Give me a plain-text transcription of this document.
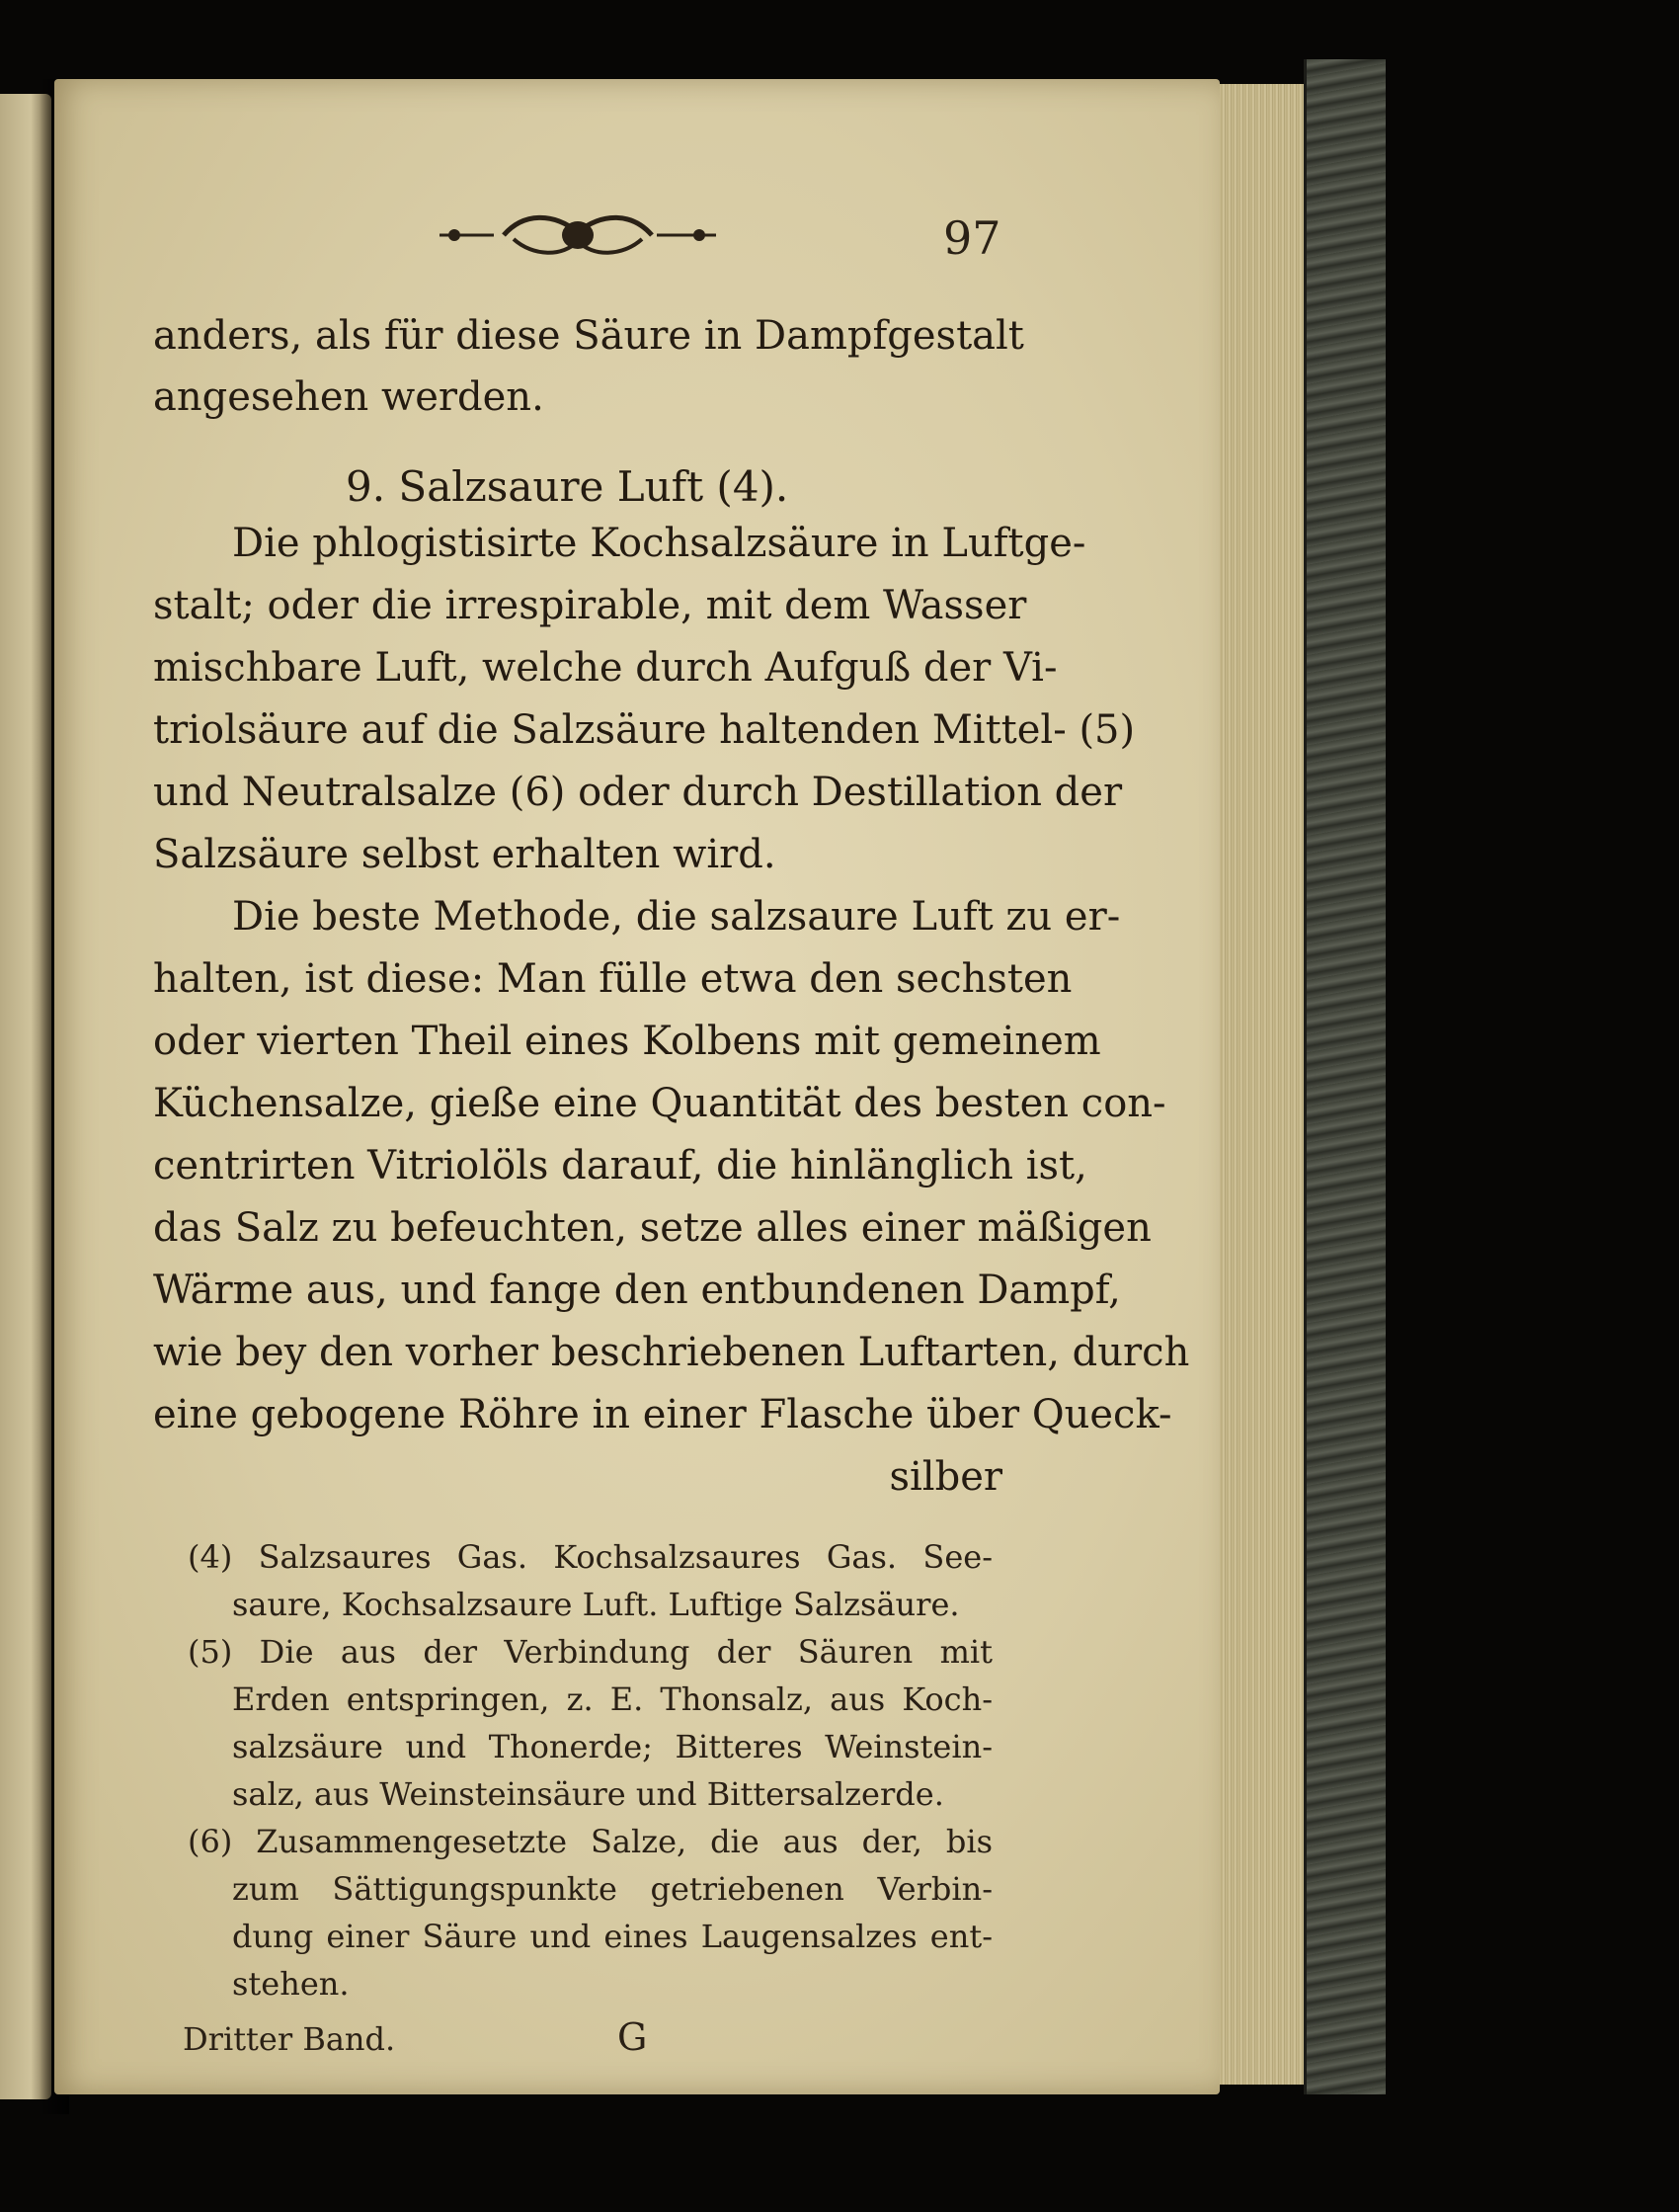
97
anders, als für diese Säure in Dampfgestalt
angesehen werden.
9. Salzsaure Luft (4).
Die phlogistisirte Kochsalzsäure in Luftge-
stalt; oder die irrespirable, mit dem Wasser
mischbare Luft, welche durch Aufguß der Vi-
triolsäure auf die Salzsäure haltenden Mittel- (5)
und Neutralsalze (6) oder durch Destillation der
Salzsäure selbst erhalten wird.
Die beste Methode, die salzsaure Luft zu er-
halten, ist diese: Man fülle etwa den sechsten
oder vierten Theil eines Kolbens mit gemeinem
Küchensalze, gieße eine Quantität des besten con-
centrirten Vitriolöls darauf, die hinlänglich ist,
das Salz zu befeuchten, setze alles einer mäßigen
Wärme aus, und fange den entbundenen Dampf,
wie bey den vorher beschriebenen Luftarten, durch
eine gebogene Röhre in einer Flasche über Queck-
silber
(4) Salzsaures Gas. Kochsalzsaures Gas. See-
saure, Kochsalzsaure Luft. Luftige Salzsäure.
(5) Die aus der Verbindung der Säuren mit
Erden entspringen, z. E. Thonsalz, aus Koch-
salzsäure und Thonerde; Bitteres Weinstein-
salz, aus Weinsteinsäure und Bittersalzerde.
(6) Zusammengesetzte Salze, die aus der, bis
zum Sättigungspunkte getriebenen Verbin-
dung einer Säure und eines Laugensalzes ent-
stehen.
Dritter Band.	G
